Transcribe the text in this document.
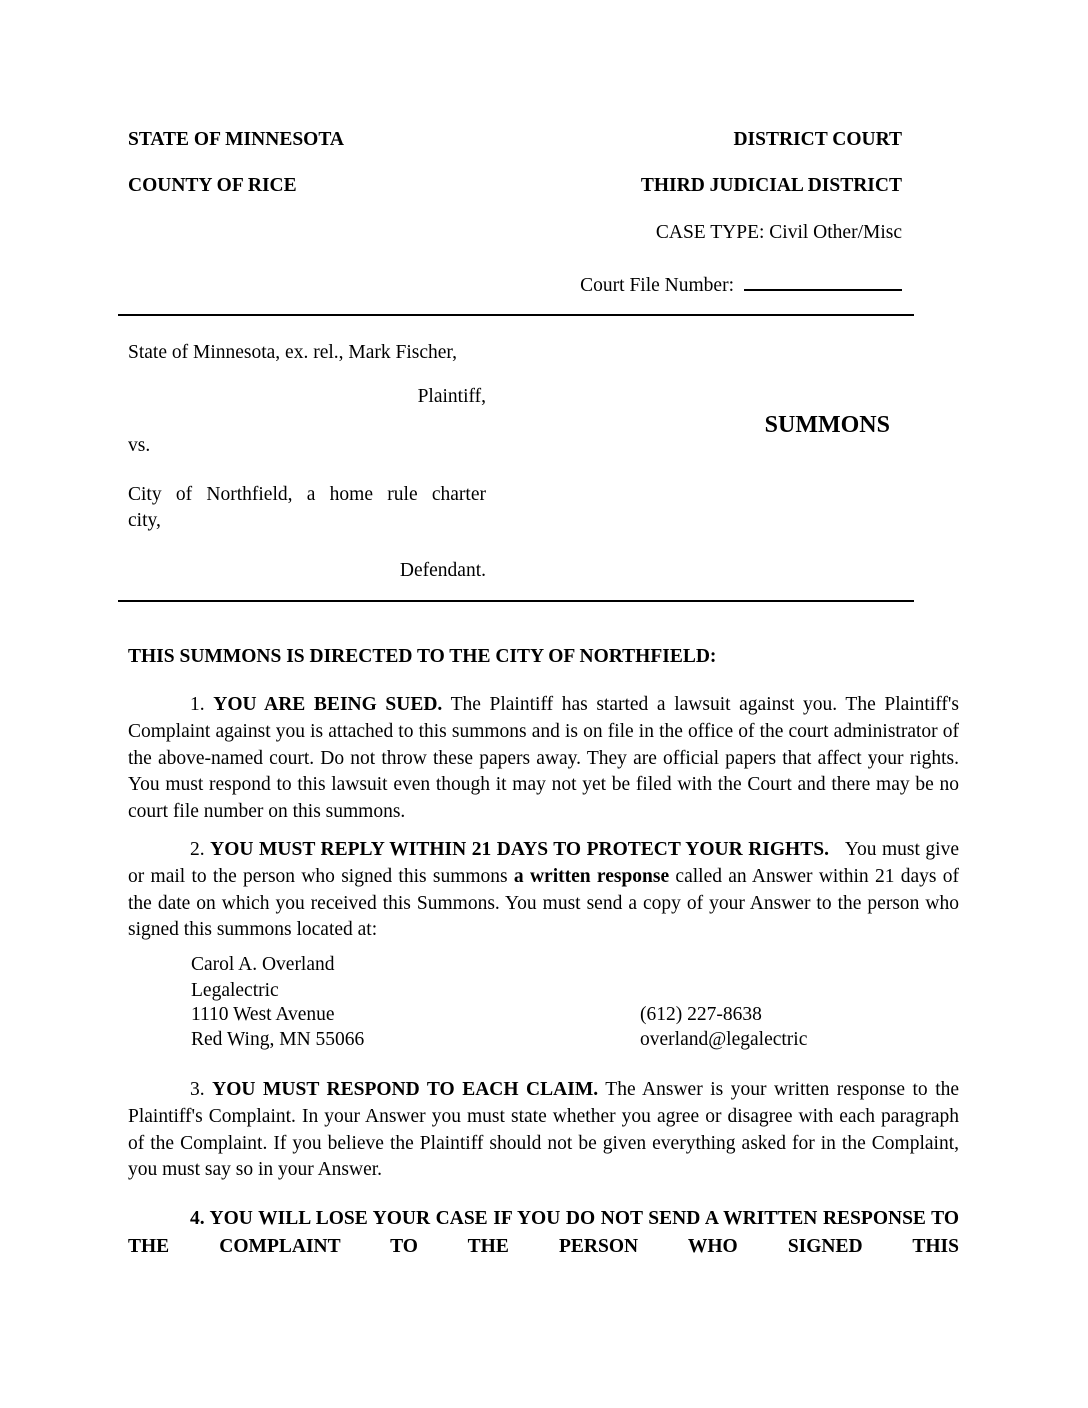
STATE OF MINNESOTA	DISTRICT COURT
COUNTY OF RICE	THIRD JUDICIAL DISTRICT
CASE TYPE: Civil Other/Misc
Court File Number:
State of Minnesota, ex. rel., Mark Fischer,
Plaintiff,
SUMMONS
vs.
City of Northfield, a home rule charter
city,
Defendant.
THIS SUMMONS IS DIRECTED TO THE CITY OF NORTHFIELD:
1. YOU ARE BEING SUED. The Plaintiff has started a lawsuit against you. The Plaintiff's Complaint against you is attached to this summons and is on file in the office of the court administrator of the above-named court. Do not throw these papers away. They are official papers that affect your rights. You must respond to this lawsuit even though it may not yet be filed with the Court and there may be no court file number on this summons.
2. YOU MUST REPLY WITHIN 21 DAYS TO PROTECT YOUR RIGHTS. You must give or mail to the person who signed this summons a written response called an Answer within 21 days of the date on which you received this Summons. You must send a copy of your Answer to the person who signed this summons located at:
Carol A. Overland
Legalectric
1110 West Avenue
Red Wing, MN 55066
(612) 227-8638
overland@legalectric
3. YOU MUST RESPOND TO EACH CLAIM. The Answer is your written response to the Plaintiff's Complaint. In your Answer you must state whether you agree or disagree with each paragraph of the Complaint. If you believe the Plaintiff should not be given everything asked for in the Complaint, you must say so in your Answer.
4. YOU WILL LOSE YOUR CASE IF YOU DO NOT SEND A WRITTEN RESPONSE TO THE COMPLAINT TO THE PERSON WHO SIGNED THIS
